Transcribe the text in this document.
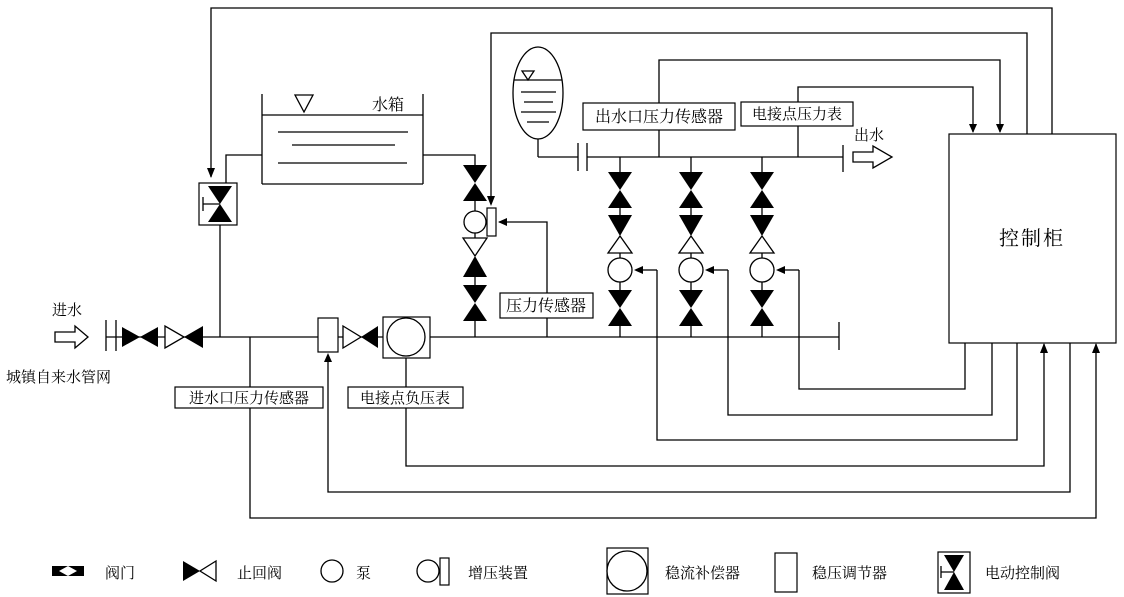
水箱
进水
城镇自来水管网
压力传感器
出水
出水口压力传感器 电接点压力表
进水口压力传感器	电接点负压表
控制柜
阀门	止回阀	泵	增压装置	稳流补偿器	稳压调节器	电动控制阀
